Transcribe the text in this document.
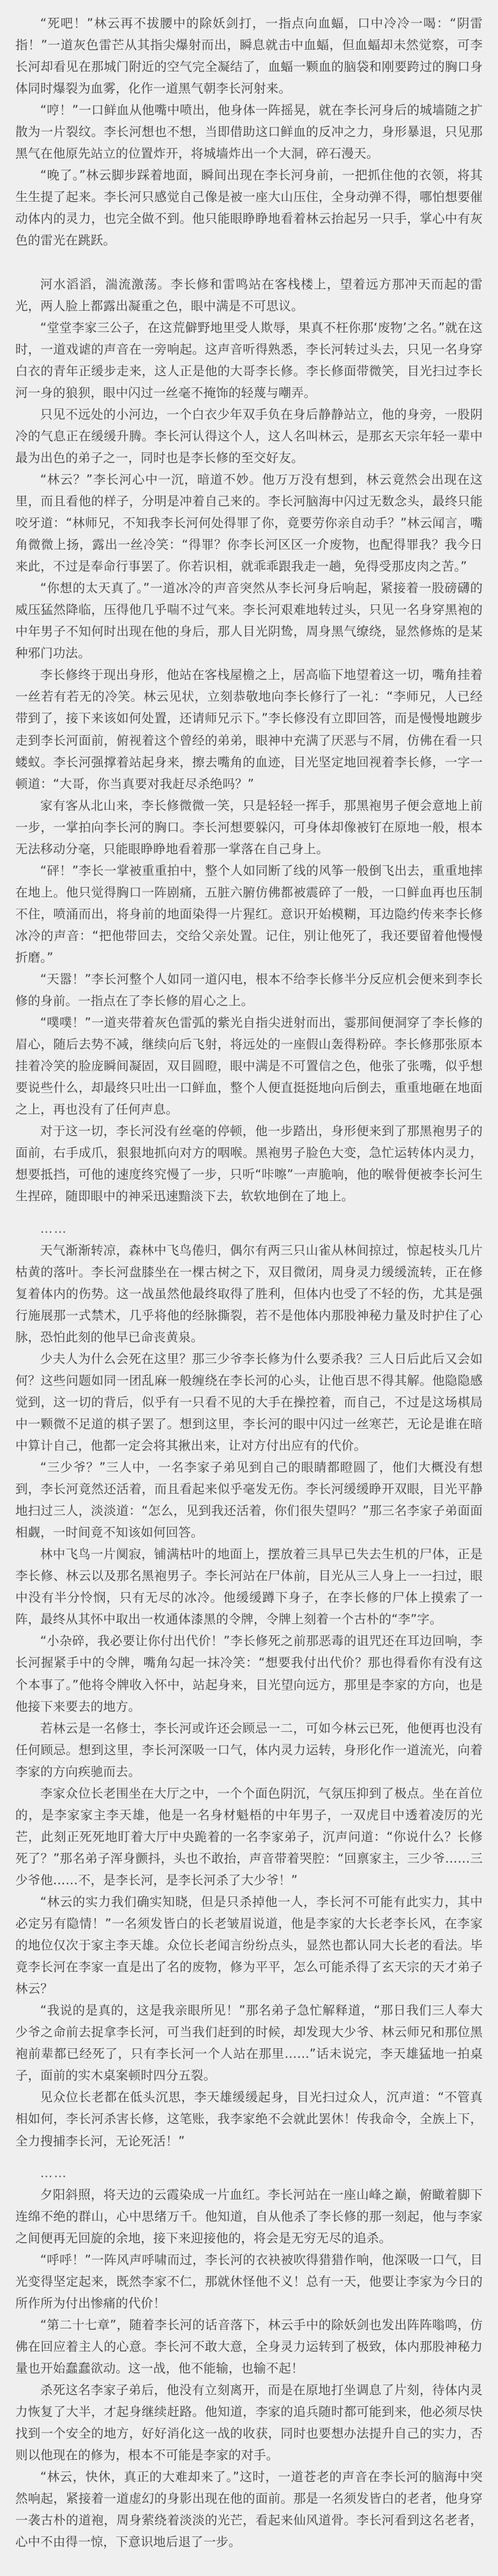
“死吧！”林云再不拔腰中的除妖剑打，一指点向血蝠，口中冷冷一喝：“阴雷指！”一道灰色雷芒从其指尖爆射而出，瞬息就击中血蝠，但血蝠却未然觉察，可李长河却看见在那城门附近的空气完全凝结了，血蝠一颗血的脑袋和刚要跨过的胸口身体同时爆裂为血雾，化作一道黑气朝李长河射来。

“哼！”一口鲜血从他嘴中喷出，他身体一阵摇晃，就在李长河身后的城墙随之扩散为一片裂纹。李长河想也不想，当即借助这口鲜血的反冲之力，身形暴退，只见那黑气在他原先站立的位置炸开，将城墙炸出一个大洞，碎石漫天。

“晚了。”林云脚步踩着地面，瞬间出现在李长河身前，一把抓住他的衣领，将其生生提了起来。李长河只感觉自己像是被一座大山压住，全身动弹不得，哪怕想要催动体内的灵力，也完全做不到。他只能眼睁睁地看着林云抬起另一只手，掌心中有灰色的雷光在跳跃。

河水滔滔，湍流激荡。李长修和雷鸣站在客栈楼上，望着远方那冲天而起的雷光，两人脸上都露出凝重之色，眼中满是不可思议。

“堂堂李家三公子，在这荒僻野地里受人欺辱，果真不枉你那‘废物’之名。”就在这时，一道戏谑的声音在一旁响起。这声音听得熟悉，李长河转过头去，只见一名身穿白衣的青年正缓步走来，这人正是他的大哥李长修。李长修面带微笑，目光扫过李长河一身的狼狈，眼中闪过一丝毫不掩饰的轻蔑与嘲弄。

只见不远处的小河边，一个白衣少年双手负在身后静静站立，他的身旁，一股阴冷的气息正在缓缓升腾。李长河认得这个人，这人名叫林云，是那玄天宗年轻一辈中最为出色的弟子之一，同时也是李长修的至交好友。

“林云？”李长河心中一沉，暗道不妙。他万万没有想到，林云竟然会出现在这里，而且看他的样子，分明是冲着自己来的。李长河脑海中闪过无数念头，最终只能咬牙道：“林师兄，不知我李长河何处得罪了你，竟要劳你亲自动手？”林云闻言，嘴角微微上扬，露出一丝冷笑：“得罪？你李长河区区一介废物，也配得罪我？我今日来此，不过是奉命行事罢了。你若识相，就乖乖跟我走一趟，免得受那皮肉之苦。”

“你想的太天真了。”一道冰冷的声音突然从李长河身后响起，紧接着一股磅礴的威压猛然降临，压得他几乎喘不过气来。李长河艰难地转过头，只见一名身穿黑袍的中年男子不知何时出现在他的身后，那人目光阴鸷，周身黑气缭绕，显然修炼的是某种邪门功法。

李长修终于现出身形，他站在客栈屋檐之上，居高临下地望着这一切，嘴角挂着一丝若有若无的冷笑。林云见状，立刻恭敬地向李长修行了一礼：“李师兄，人已经带到了，接下来该如何处置，还请师兄示下。”李长修没有立即回答，而是慢慢地踱步走到李长河面前，俯视着这个曾经的弟弟，眼神中充满了厌恶与不屑，仿佛在看一只蝼蚁。李长河强撑着站起身来，擦去嘴角的血迹，目光坚定地回视着李长修，一字一顿道：“大哥，你当真要对我赶尽杀绝吗？”

家有客从北山来，李长修微微一笑，只是轻轻一挥手，那黑袍男子便会意地上前一步，一掌拍向李长河的胸口。李长河想要躲闪，可身体却像被钉在原地一般，根本无法移动分毫，只能眼睁睁地看着那一掌落在自己身上。

“砰！”李长一掌被重重拍中，整个人如同断了线的风筝一般倒飞出去，重重地摔在地上。他只觉得胸口一阵剧痛，五脏六腑仿佛都被震碎了一般，一口鲜血再也压制不住，喷涌而出，将身前的地面染得一片猩红。意识开始模糊，耳边隐约传来李长修冰冷的声音：“把他带回去，交给父亲处置。记住，别让他死了，我还要留着他慢慢折磨。”

“天嚣！”李长河整个人如同一道闪电，根本不给李长修半分反应机会便来到李长修的身前。一指点在了李长修的眉心之上。

“噗噗！”一道夹带着灰色雷弧的紫光自指尖迸射而出，霎那间便洞穿了李长修的眉心，随后去势不减，继续向后飞射，将远处的一座假山轰得粉碎。李长修那张原本挂着冷笑的脸庞瞬间凝固，双目圆瞪，眼中满是不可置信之色，他张了张嘴，似乎想要说些什么，却最终只吐出一口鲜血，整个人便直挺挺地向后倒去，重重地砸在地面之上，再也没有了任何声息。

对于这一切，李长河没有丝毫的停顿，他一步踏出，身形便来到了那黑袍男子的面前，右手成爪，狠狠地抓向对方的咽喉。黑袍男子脸色大变，急忙运转体内灵力，想要抵挡，可他的速度终究慢了一步，只听“咔嚓”一声脆响，他的喉骨便被李长河生生捏碎，随即眼中的神采迅速黯淡下去，软软地倒在了地上。

……

天气渐渐转凉，森林中飞鸟倦归，偶尔有两三只山雀从林间掠过，惊起枝头几片枯黄的落叶。李长河盘膝坐在一棵古树之下，双目微闭，周身灵力缓缓流转，正在修复着体内的伤势。这一战虽然他最终取得了胜利，但体内也受了不轻的伤，尤其是强行施展那一式禁术，几乎将他的经脉撕裂，若不是他体内那股神秘力量及时护住了心脉，恐怕此刻的他早已命丧黄泉。

少夫人为什么会死在这里？那三少爷李长修为什么要杀我？三人日后此后又会如何？这些问题如同一团乱麻一般缠绕在李长河的心头，让他百思不得其解。他隐隐感觉到，这一切的背后，似乎有一只看不见的大手在操控着，而自己，不过是这场棋局中一颗微不足道的棋子罢了。想到这里，李长河的眼中闪过一丝寒芒，无论是谁在暗中算计自己，他都一定会将其揪出来，让对方付出应有的代价。

“三少爷？”三人中，一名李家子弟见到自己的眼睛都瞪圆了，他们大概没有想到，李长河竟然还活着，而且看起来似乎毫发无伤。李长河缓缓睁开双眼，目光平静地扫过三人，淡淡道：“怎么，见到我还活着，你们很失望吗？”那三名李家子弟面面相觑，一时间竟不知该如何回答。

林中飞鸟一片阒寂，铺满枯叶的地面上，摆放着三具早已失去生机的尸体，正是李长修、林云以及那名黑袍男子。李长河站在尸体前，目光从三人身上一一扫过，眼中没有半分怜悯，只有无尽的冰冷。他缓缓蹲下身子，在李长修的尸体上摸索了一阵，最终从其怀中取出一枚通体漆黑的令牌，令牌上刻着一个古朴的“李”字。

“小杂碎，我必要让你付出代价！”李长修死之前那恶毒的诅咒还在耳边回响，李长河握紧手中的令牌，嘴角勾起一抹冷笑：“想要我付出代价？那也得看你有没有这个本事了。”他将令牌收入怀中，站起身来，目光望向远方，那里是李家的方向，也是他接下来要去的地方。

若林云是一名修士，李长河或许还会顾忌一二，可如今林云已死，他便再也没有任何顾忌。想到这里，李长河深吸一口气，体内灵力运转，身形化作一道流光，向着李家的方向疾驰而去。

李家众位长老围坐在大厅之中，一个个面色阴沉，气氛压抑到了极点。坐在首位的，是李家家主李天雄，他是一名身材魁梧的中年男子，一双虎目中透着凌厉的光芒，此刻正死死地盯着大厅中央跪着的一名李家弟子，沉声问道：“你说什么？长修死了？”那名弟子浑身颤抖，头也不敢抬，声音带着哭腔：“回禀家主，三少爷……三少爷他……不，是李长河，是李长河杀了大少爷！”

“林云的实力我们确实知晓，但是只杀掉他一人，李长河不可能有此实力，其中必定另有隐情！”一名须发皆白的长老皱眉说道，他是李家的大长老李长风，在李家的地位仅次于家主李天雄。众位长老闻言纷纷点头，显然也都认同大长老的看法。毕竟李长河在李家一直是出了名的废物，修为平平，怎么可能杀得了玄天宗的天才弟子林云？

“我说的是真的，这是我亲眼所见！”那名弟子急忙解释道，“那日我们三人奉大少爷之命前去捉拿李长河，可当我们赶到的时候，却发现大少爷、林云师兄和那位黑袍前辈都已经死了，只有李长河一个人站在那里……”话未说完，李天雄猛地一拍桌子，面前的实木桌案顿时四分五裂。

见众位长老都在低头沉思，李天雄缓缓起身，目光扫过众人，沉声道：“不管真相如何，李长河杀害长修，这笔账，我李家绝不会就此罢休！传我命令，全族上下，全力搜捕李长河，无论死活！”

……

夕阳斜照，将天边的云霞染成一片血红。李长河站在一座山峰之巅，俯瞰着脚下连绵不绝的群山，心中思绪万千。他知道，自从他杀了李长修的那一刻起，他与李家之间便再无回旋的余地，接下来迎接他的，将会是无穷无尽的追杀。

“呼呼！”一阵风声呼啸而过，李长河的衣袂被吹得猎猎作响，他深吸一口气，目光变得坚定起来，既然李家不仁，那就休怪他不义！总有一天，他要让李家为今日的所作所为付出惨痛的代价！

“第二十七章”，随着李长河的话音落下，林云手中的除妖剑也发出阵阵嗡鸣，仿佛在回应着主人的心意。李长河不敢大意，全身灵力运转到了极致，体内那股神秘力量也开始蠢蠢欲动。这一战，他不能输，也输不起！

杀死这名李家子弟后，他没有立刻离开，而是在原地打坐调息了片刻，待体内灵力恢复了大半，才起身继续赶路。他知道，李家的追兵随时都可能到来，他必须尽快找到一个安全的地方，好好消化这一战的收获，同时也要想办法提升自己的实力，否则以他现在的修为，根本不可能是李家的对手。

“林云，快休，真正的大难却来了。”这时，一道苍老的声音在李长河的脑海中突然响起，紧接着一道虚幻的身影出现在他的面前。那是一名须发皆白的老者，他身穿一袭古朴的道袍，周身萦绕着淡淡的光芒，看起来仙风道骨。李长河看到这名老者，心中不由得一惊，下意识地后退了一步。
